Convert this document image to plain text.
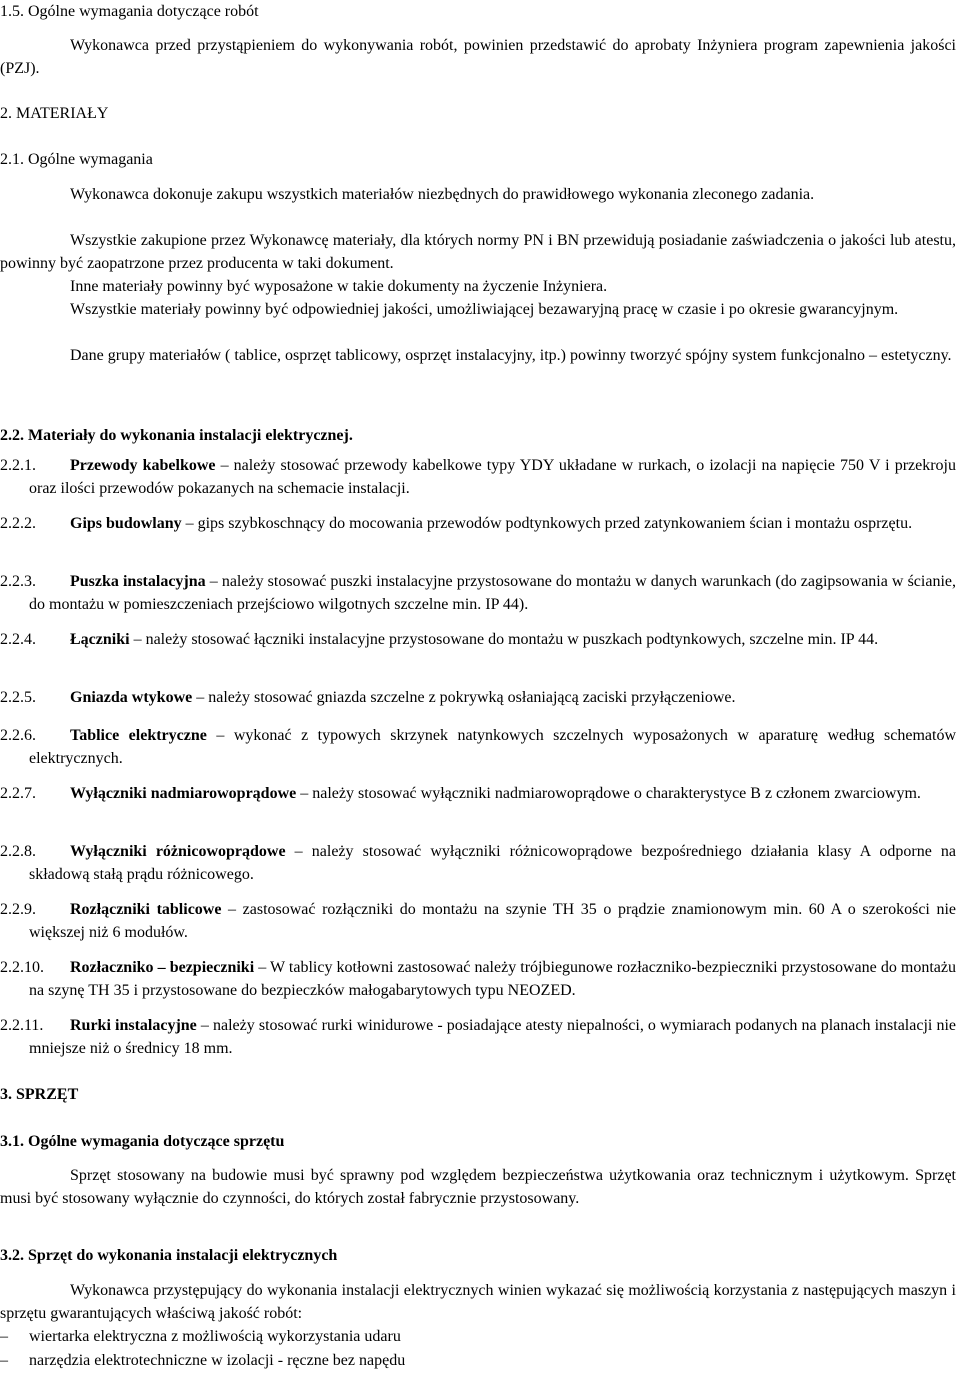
1.5. Ogólne wymagania dotyczące robót
Wykonawca przed przystąpieniem do wykonywania robót, powinien przedstawić do aprobaty Inżyniera program zapewnienia jakości (PZJ).
2. MATERIAŁY
2.1. Ogólne wymagania
Wykonawca dokonuje zakupu wszystkich materiałów niezbędnych do prawidłowego wykonania zleconego zadania.
Wszystkie zakupione przez Wykonawcę materiały, dla których normy PN i BN przewidują posiadanie zaświadczenia o jakości lub atestu, powinny być zaopatrzone przez producenta w taki dokument.
Inne materiały powinny być wyposażone w takie dokumenty na życzenie Inżyniera.
Wszystkie materiały powinny być odpowiedniej jakości, umożliwiającej bezawaryjną pracę w czasie i po okresie gwarancyjnym.
Dane grupy materiałów ( tablice, osprzęt tablicowy, osprzęt instalacyjny, itp.) powinny tworzyć spójny system funkcjonalno – estetyczny.
2.2. Materiały do wykonania instalacji elektrycznej.
2.2.1.	Przewody kabelkowe – należy stosować przewody kabelkowe typy YDY układane w rurkach, o izolacji na napięcie 750 V i przekroju oraz ilości przewodów pokazanych na schemacie instalacji.
2.2.2.	Gips budowlany – gips szybkoschnący do mocowania przewodów podtynkowych przed zatynkowaniem ścian i montażu osprzętu.
2.2.3.	Puszka instalacyjna – należy stosować puszki instalacyjne przystosowane do montażu w danych warunkach (do zagipsowania w ścianie, do montażu w pomieszczeniach przejściowo wilgotnych szczelne min. IP 44).
2.2.4.	Łączniki – należy stosować łączniki instalacyjne przystosowane do montażu w puszkach podtynkowych, szczelne min. IP 44.
2.2.5.	Gniazda wtykowe – należy stosować gniazda szczelne z pokrywką osłaniającą zaciski przyłączeniowe.
2.2.6.	Tablice elektryczne – wykonać z typowych skrzynek natynkowych szczelnych wyposażonych w aparaturę według schematów elektrycznych.
2.2.7.	Wyłączniki nadmiarowoprądowe – należy stosować wyłączniki nadmiarowoprądowe o charakterystyce B z członem zwarciowym.
2.2.8.	Wyłączniki różnicowoprądowe – należy stosować wyłączniki różnicowoprądowe bezpośredniego działania klasy A odporne na składową stałą prądu różnicowego.
2.2.9.	Rozłączniki tablicowe – zastosować rozłączniki do montażu na szynie TH 35 o prądzie znamionowym min. 60 A o szerokości nie większej niż 6 modułów.
2.2.10.	Rozłaczniko – bezpieczniki – W tablicy kotłowni zastosować należy trójbiegunowe rozłaczniko-bezpieczniki przystosowane do montażu na szynę TH 35 i przystosowane do bezpieczków małogabarytowych typu NEOZED.
2.2.11.	Rurki instalacyjne – należy stosować rurki winidurowe - posiadające atesty niepalności, o wymiarach podanych na planach instalacji nie mniejsze niż o średnicy 18 mm.
3. SPRZĘT
3.1. Ogólne wymagania dotyczące sprzętu
Sprzęt stosowany na budowie musi być sprawny pod względem bezpieczeństwa użytkowania oraz technicznym i użytkowym. Sprzęt musi być stosowany wyłącznie do czynności, do których został fabrycznie przystosowany.
3.2. Sprzęt do wykonania instalacji elektrycznych
Wykonawca przystępujący do wykonania instalacji elektrycznych winien wykazać się możliwością korzystania z następujących maszyn i sprzętu gwarantujących właściwą jakość robót:
– wiertarka elektryczna z możliwością wykorzystania udaru
– narzędzia elektrotechniczne w izolacji - ręczne bez napędu
